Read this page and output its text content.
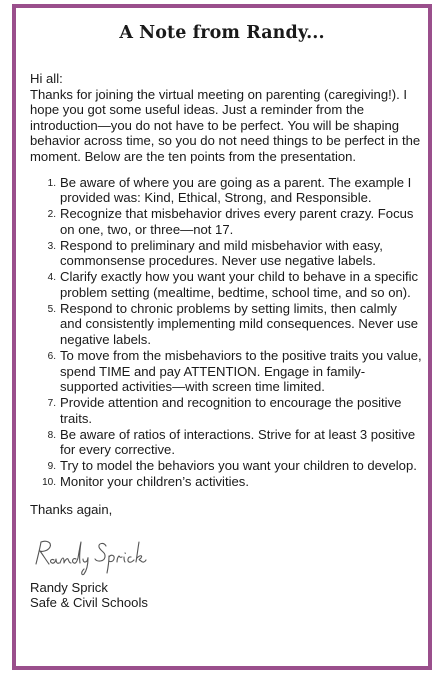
A Note from Randy...

Hi all:

Thanks for joining the virtual meeting on parenting (caregiving!). I hope you got some useful ideas. Just a reminder from the introduction—you do not have to be perfect. You will be shaping behavior across time, so you do not need things to be perfect in the moment. Below are the ten points from the presentation.

1. Be aware of where you are going as a parent. The example I provided was: Kind, Ethical, Strong, and Responsible.
2. Recognize that misbehavior drives every parent crazy. Focus on one, two, or three—not 17.
3. Respond to preliminary and mild misbehavior with easy, commonsense procedures. Never use negative labels.
4. Clarify exactly how you want your child to behave in a specific problem setting (mealtime, bedtime, school time, and so on).
5. Respond to chronic problems by setting limits, then calmly and consistently implementing mild consequences. Never use negative labels.
6. To move from the misbehaviors to the positive traits you value, spend TIME and pay ATTENTION. Engage in family-supported activities—with screen time limited.
7. Provide attention and recognition to encourage the positive traits.
8. Be aware of ratios of interactions. Strive for at least 3 positive for every corrective.
9. Try to model the behaviors you want your children to develop.
10. Monitor your children’s activities.

Thanks again,

Randy Sprick

Safe & Civil Schools
